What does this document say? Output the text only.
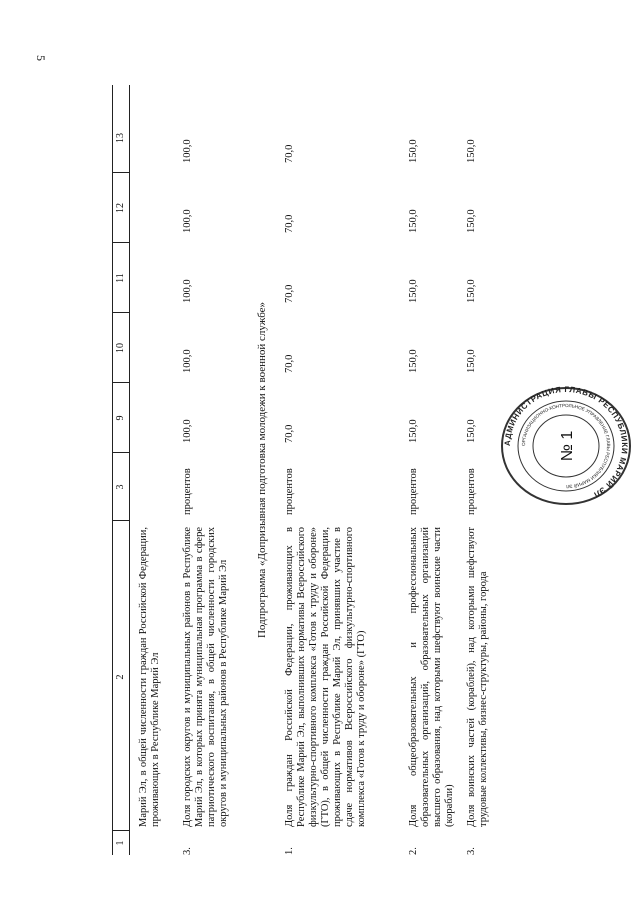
5
1
2
3
9
10
11
12
13
Марий Эл, в общей численности граждан Российской Федерации, проживающих в Республике Марий Эл
3.
Доля городских округов и муниципальных районов в Республике Марий Эл, в которых принята муниципальная программа в сфере патриотического воспитания, в общей численности городских округов и муниципальных районов в Республике Марий Эл
процентов
100,0
100,0
100,0
100,0
100,0
Подпрограмма «Допризывная подготовка молодежи к военной службе»
1.
Доля граждан Российской Федерации, проживающих в Республике Марий Эл, выполнивших нормативы Всероссийского физкультурно-спортивного комплекса «Готов к труду и обороне» (ГТО), в общей численности граждан Российской Федерации, проживающих в Республике Марий Эл, принявших участие в сдаче нормативов Всероссийского физкультурно-спортивного комплекса «Готов к труду и обороне» (ГТО)
процентов
70,0
70,0
70,0
70,0
70,0
2.
Доля общеобразовательных и профессиональных образовательных организаций, образовательных организаций высшего образования, над которыми шефствуют воинские части (корабли)
процентов
150,0
150,0
150,0
150,0
150,0
3.
Доля воинских частей (кораблей), над которыми шефствуют трудовые коллективы, бизнес-структуры, районы, города
процентов
150,0
150,0
150,0
150,0
150,0
АДМИНИСТРАЦИЯ ГЛАВЫ РЕСПУБЛИКИ МАРИЙ ЭЛ
ОРГАНИЗАЦИОННО-КОНТРОЛЬНОЕ УПРАВЛЕНИЕ ГЛАВЫ РЕСПУБЛИКИ МАРИЙ ЭЛ
№ 1
